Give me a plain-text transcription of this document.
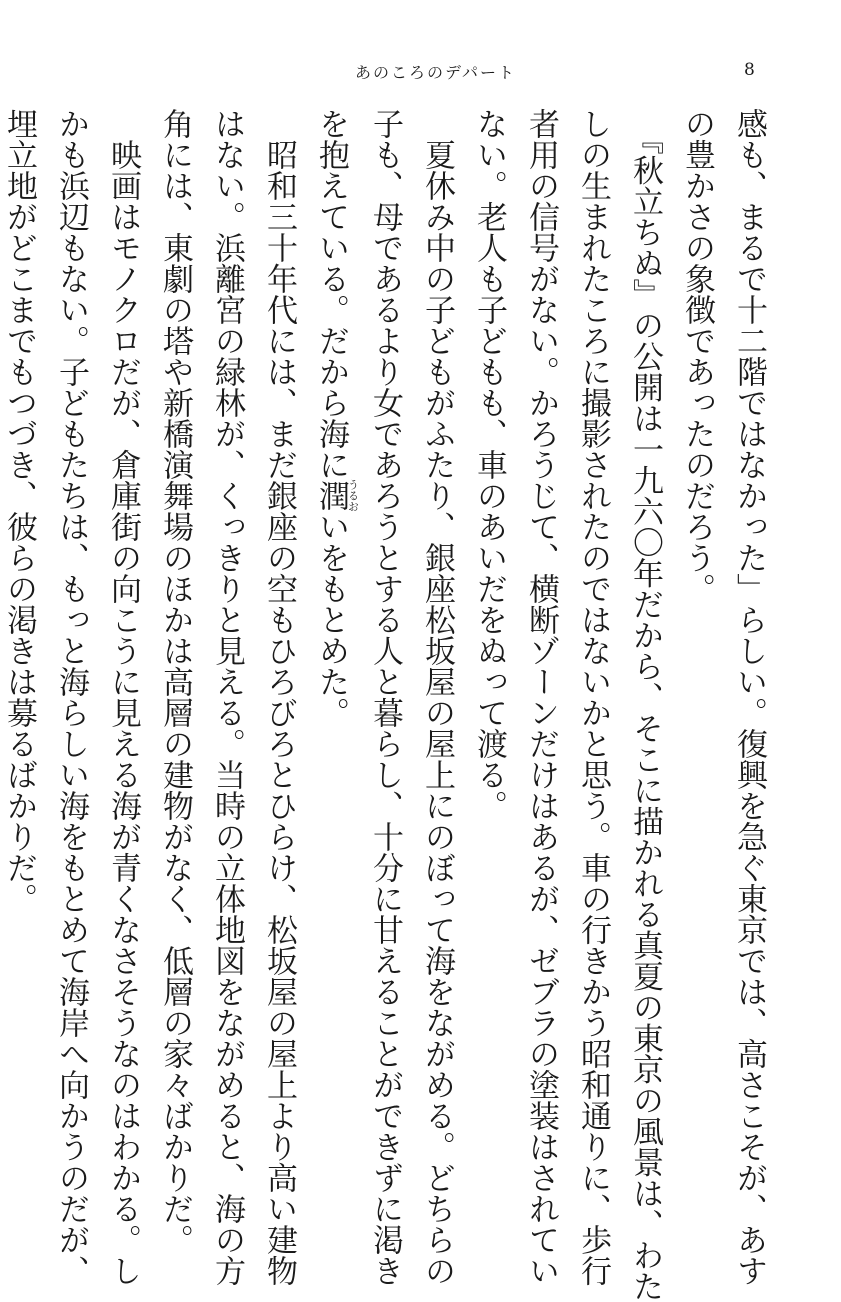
あのころのデパート	8
感も、まるで十二階ではなかった」らしい。復興を急ぐ東京では、高さこそが、あす
の豊かさの象徴であったのだろう。
　『秋立ちぬ』の公開は一九六〇年だから、そこに描かれる真夏の東京の風景は、わた
しの生まれたころに撮影されたのではないかと思う。車の行きかう昭和通りに、歩行
者用の信号がない。かろうじて、横断ゾーンだけはあるが、ゼブラの塗装はされてい
ない。老人も子どもも、車のあいだをぬって渡る。
　夏休み中の子どもがふたり、銀座松坂屋の屋上にのぼって海をながめる。どちらの
子も、母であるより女であろうとする人と暮らし、十分に甘えることができずに渇き
を抱えている。だから海に潤うるおいをもとめた。
　昭和三十年代には、まだ銀座の空もひろびろとひらけ、松坂屋の屋上より高い建物
はない。浜離宮の緑林が、くっきりと見える。当時の立体地図をながめると、海の方
角には、東劇の塔や新橋演舞場のほかは高層の建物がなく、低層の家々ばかりだ。
　映画はモノクロだが、倉庫街の向こうに見える海が青くなさそうなのはわかる。し
かも浜辺もない。子どもたちは、もっと海らしい海をもとめて海岸へ向かうのだが、
埋立地がどこまでもつづき、彼らの渇きは募るばかりだ。
